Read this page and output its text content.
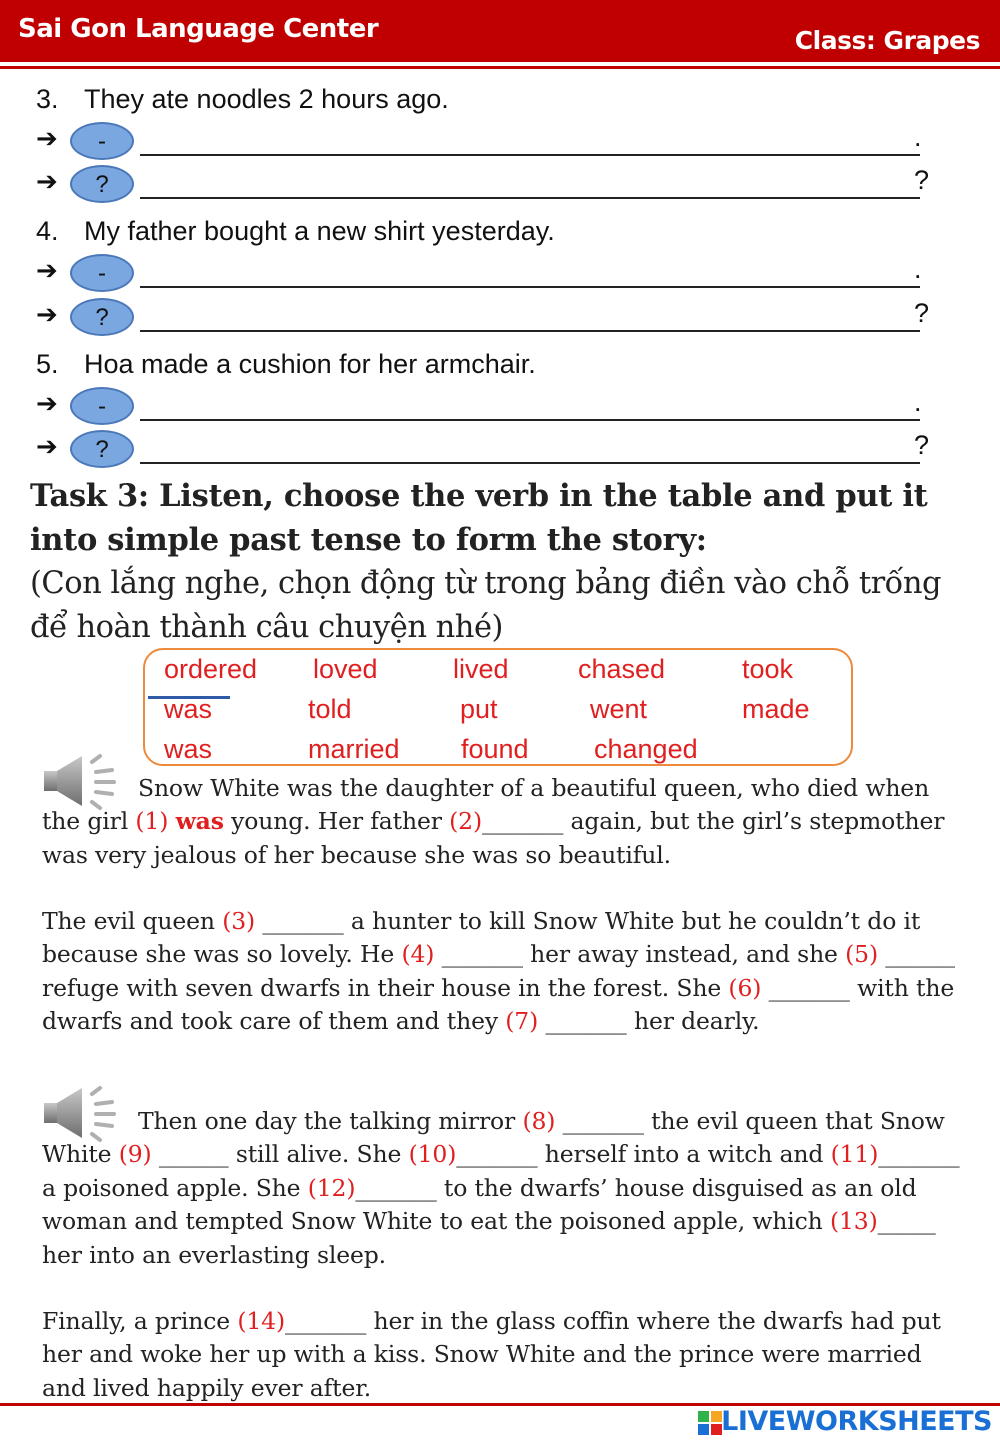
Sai Gon Language Center	Class: Grapes
3. They ate noodles 2 hours ago.
➔	-	.
➔	?	?
4. My father bought a new shirt yesterday.
➔	-	.
➔	?	?
5. Hoa made a cushion for her armchair.
➔	-	.
➔	?	?
Task 3: Listen, choose the verb in the table and put it into simple past tense to form the story:
(Con lắng nghe, chọn động từ trong bảng điền vào chỗ trống để hoàn thành câu chuyện nhé)
ordered loved	lived	chased	took
was	told	put	went	made
was	married found changed
Snow White was the daughter of a beautiful queen, who died when the girl (1) was young. Her father (2)_______ again, but the girl’s stepmother was very jealous of her because she was so beautiful.
The evil queen (3) _______ a hunter to kill Snow White but he couldn’t do it because she was so lovely. He (4) _______ her away instead, and she (5) ______ refuge with seven dwarfs in their house in the forest. She (6) _______ with the dwarfs and took care of them and they (7) _______ her dearly.
Then one day the talking mirror (8) _______ the evil queen that Snow White (9) ______ still alive. She (10)_______ herself into a witch and (11)_______ a poisoned apple. She (12)_______ to the dwarfs’ house disguised as an old woman and tempted Snow White to eat the poisoned apple, which (13)_____ her into an everlasting sleep.
Finally, a prince (14)_______ her in the glass coffin where the dwarfs had put her and woke her up with a kiss. Snow White and the prince were married and lived happily ever after.
LIVEWORKSHEETS
